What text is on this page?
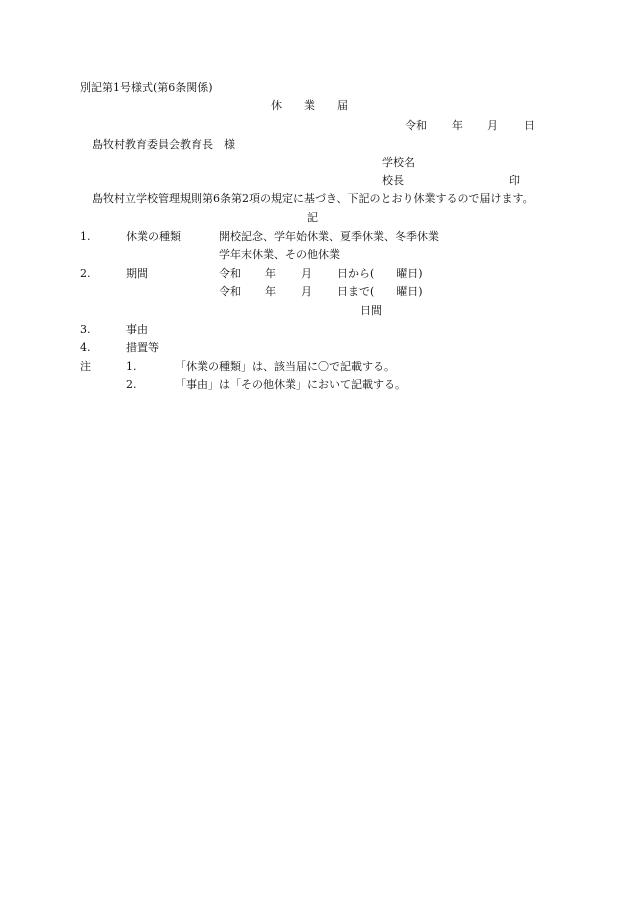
別記第1号様式(第6条関係)
休　　業　　届
令和 年 月 日
島牧村教育委員会教育長　様
学校名
校長	印
島牧村立学校管理規則第6条第2項の規定に基づき、下記のとおり休業するので届けます。
記
1.	休業の種類	開校記念、学年始休業、夏季休業、冬季休業
学年末休業、その他休業
2.	期間	令和 年 月 日から(　　曜日)
令和 年 月 日まで(　　曜日)
日間
3.	事由
4.	措置等
注	1.	「休業の種類」は、該当届に〇で記載する。
2.	「事由」は「その他休業」において記載する。
